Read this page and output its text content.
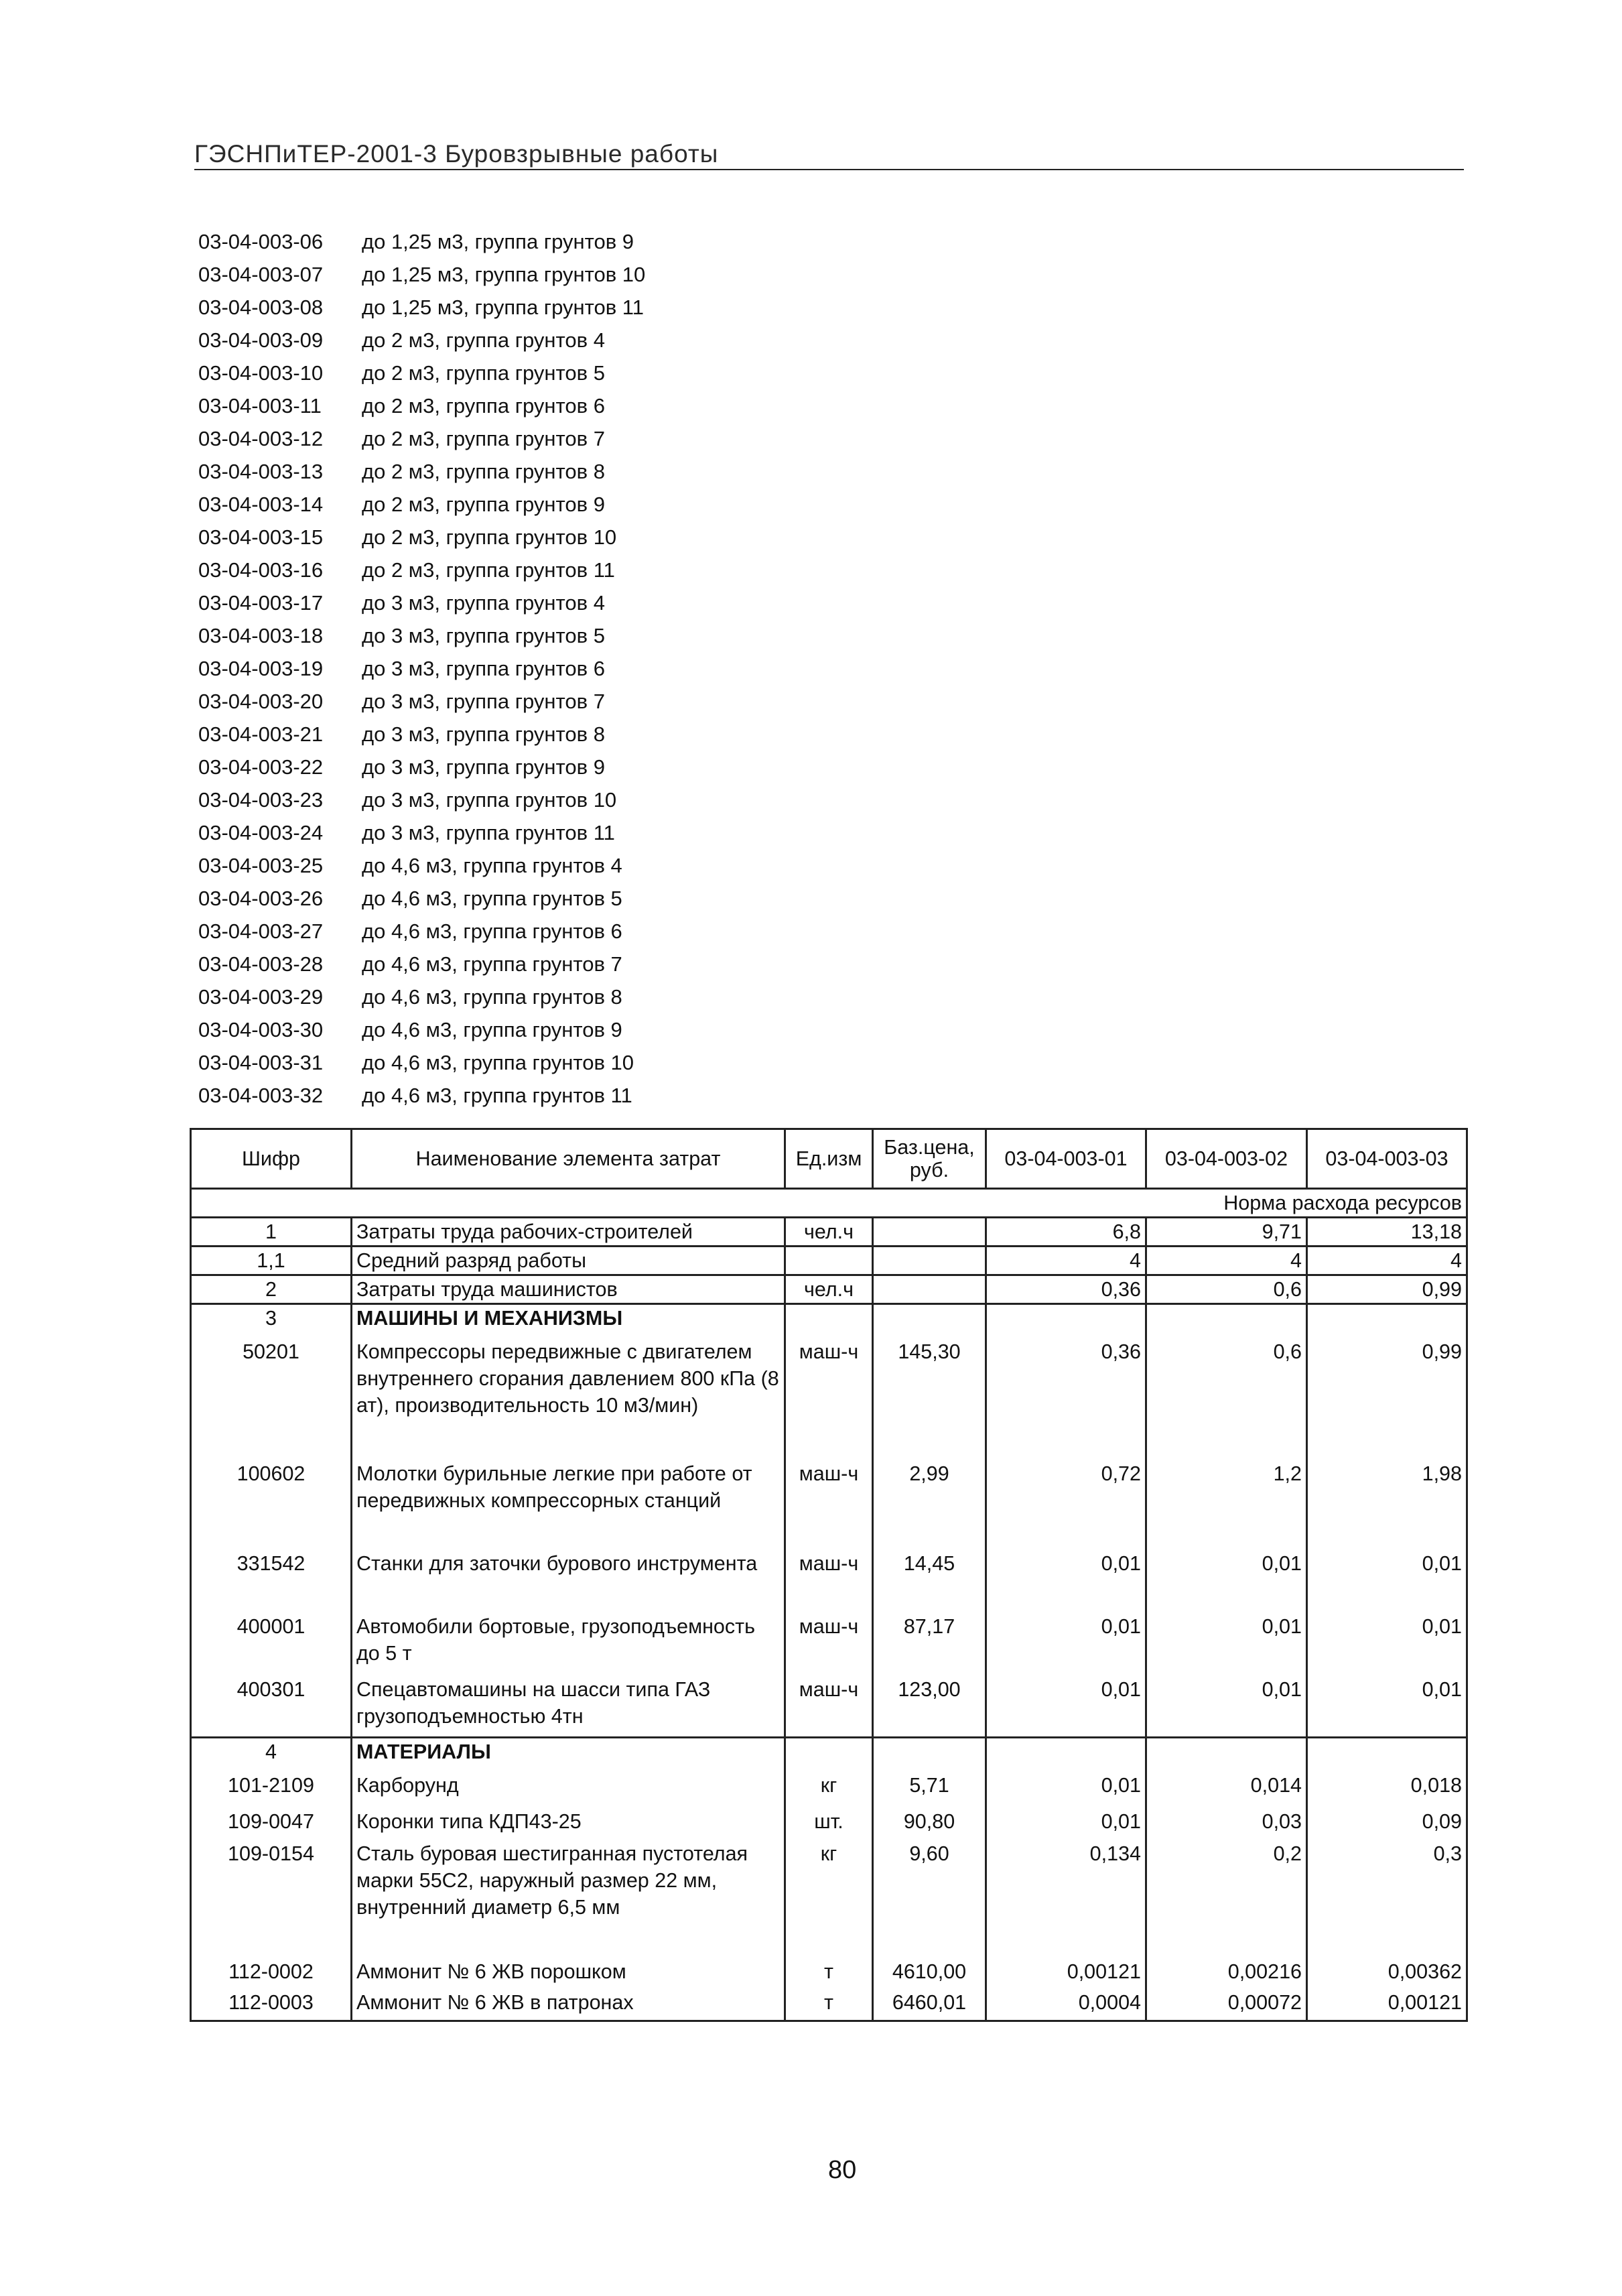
ГЭСНПиТЕР-2001-3 Буровзрывные работы
03-04-003-06 до 1,25 м3, группа грунтов 9
03-04-003-07 до 1,25 м3, группа грунтов 10
03-04-003-08 до 1,25 м3, группа грунтов 11
03-04-003-09 до 2 м3, группа грунтов 4
03-04-003-10 до 2 м3, группа грунтов 5
03-04-003-11 до 2 м3, группа грунтов 6
03-04-003-12 до 2 м3, группа грунтов 7
03-04-003-13 до 2 м3, группа грунтов 8
03-04-003-14 до 2 м3, группа грунтов 9
03-04-003-15 до 2 м3, группа грунтов 10
03-04-003-16 до 2 м3, группа грунтов 11
03-04-003-17 до 3 м3, группа грунтов 4
03-04-003-18 до 3 м3, группа грунтов 5
03-04-003-19 до 3 м3, группа грунтов 6
03-04-003-20 до 3 м3, группа грунтов 7
03-04-003-21 до 3 м3, группа грунтов 8
03-04-003-22 до 3 м3, группа грунтов 9
03-04-003-23 до 3 м3, группа грунтов 10
03-04-003-24 до 3 м3, группа грунтов 11
03-04-003-25 до 4,6 м3, группа грунтов 4
03-04-003-26 до 4,6 м3, группа грунтов 5
03-04-003-27 до 4,6 м3, группа грунтов 6
03-04-003-28 до 4,6 м3, группа грунтов 7
03-04-003-29 до 4,6 м3, группа грунтов 8
03-04-003-30 до 4,6 м3, группа грунтов 9
03-04-003-31 до 4,6 м3, группа грунтов 10
03-04-003-32 до 4,6 м3, группа грунтов 11
Шифр	Наименование элемента затрат	Ед.изм	Баз.цена, руб.	03-04-003-01	03-04-003-02	03-04-003-03
Норма расхода ресурсов						
1	Затраты труда рабочих-строителей	чел.ч		6,8	9,71	13,18
1,1	Средний разряд работы			4	4	4
2	Затраты труда машинистов	чел.ч		0,36	0,6	0,99
3	МАШИНЫ И МЕХАНИЗМЫ					
50201	Компрессоры передвижные с двигателем внутреннего сгорания давлением 800 кПа (8 ат), производительность 10 м3/мин)	маш-ч	145,30	0,36	0,6	0,99
100602	Молотки бурильные легкие при работе от передвижных компрессорных станций	маш-ч	2,99	0,72	1,2	1,98
331542	Станки для заточки бурового инструмента	маш-ч	14,45	0,01	0,01	0,01
400001	Автомобили бортовые, грузоподъемность до 5 т	маш-ч	87,17	0,01	0,01	0,01
400301	Спецавтомашины на шасси типа ГАЗ грузоподъемностью 4тн	маш-ч	123,00	0,01	0,01	0,01
4	МАТЕРИАЛЫ					
101-2109	Карборунд	кг	5,71	0,01	0,014	0,018
109-0047	Коронки типа КДП43-25	шт.	90,80	0,01	0,03	0,09
109-0154	Сталь буровая шестигранная пустотелая марки 55С2, наружный размер 22 мм, внутренний диаметр 6,5 мм	кг	9,60	0,134	0,2	0,3
112-0002	Аммонит № 6 ЖВ порошком	т	4610,00	0,00121	0,00216	0,00362
112-0003	Аммонит № 6 ЖВ в патронах	т	6460,01	0,0004	0,00072	0,00121
80
